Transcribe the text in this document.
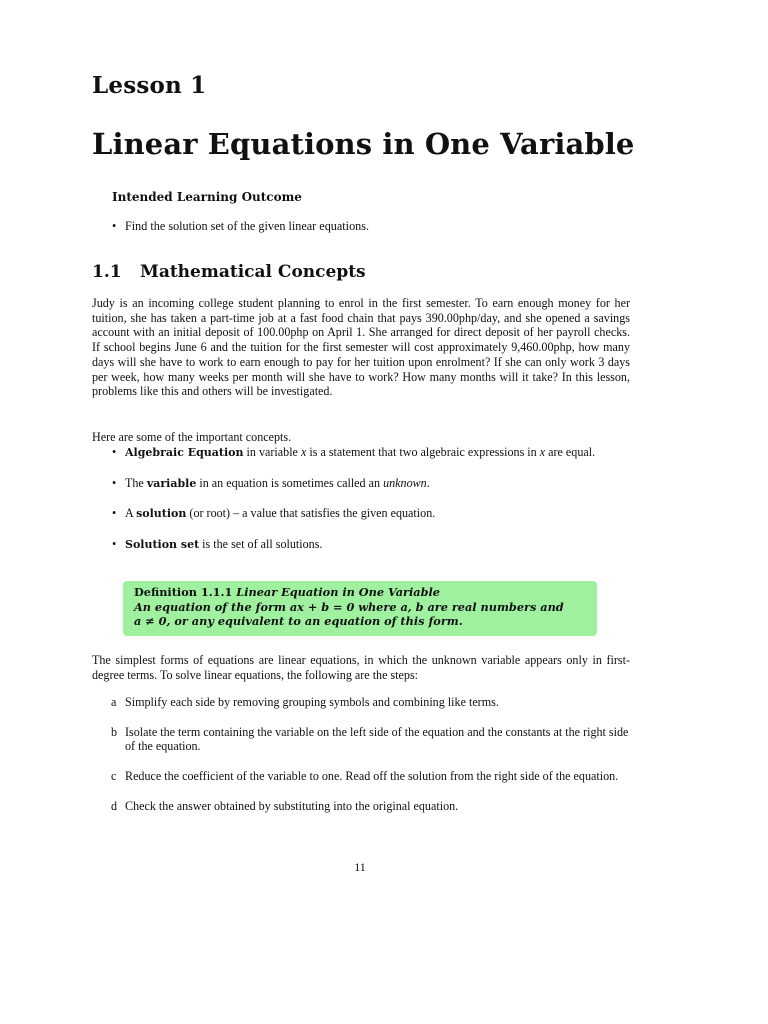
Lesson 1
Linear Equations in One Variable
Intended Learning Outcome
• Find the solution set of the given linear equations.
1.1 Mathematical Concepts

Judy is an incoming college student planning to enrol in the first semester. To earn enough money for her tuition, she has taken a part-time job at a fast food chain that pays 390.00php/day, and she opened a savings account with an initial deposit of 100.00php on April 1. She arranged for direct deposit of her payroll checks. If school begins June 6 and the tuition for the first semester will cost approximately 9,460.00php, how many days will she have to work to earn enough to pay for her tuition upon enrolment? If she can only work 3 days per week, how many weeks per month will she have to work? How many months will it take? In this lesson, problems like this and others will be investigated.

Here are some of the important concepts.

• Algebraic Equation in variable x is a statement that two algebraic expressions in x are equal.
• The variable in an equation is sometimes called an unknown.
• A solution (or root) – a value that satisfies the given equation.
• Solution set is the set of all solutions.
Definition 1.1.1 Linear Equation in One Variable
An equation of the form ax + b = 0 where a, b are real numbers and
a ≠ 0, or any equivalent to an equation of this form.

The simplest forms of equations are linear equations, in which the unknown variable appears only in first-degree terms. To solve linear equations, the following are the steps:

a Simplify each side by removing grouping symbols and combining like terms.
b Isolate the term containing the variable on the left side of the equation and the constants at the right side of the equation.
c Reduce the coefficient of the variable to one. Read off the solution from the right side of the equation.
d Check the answer obtained by substituting into the original equation.
11
